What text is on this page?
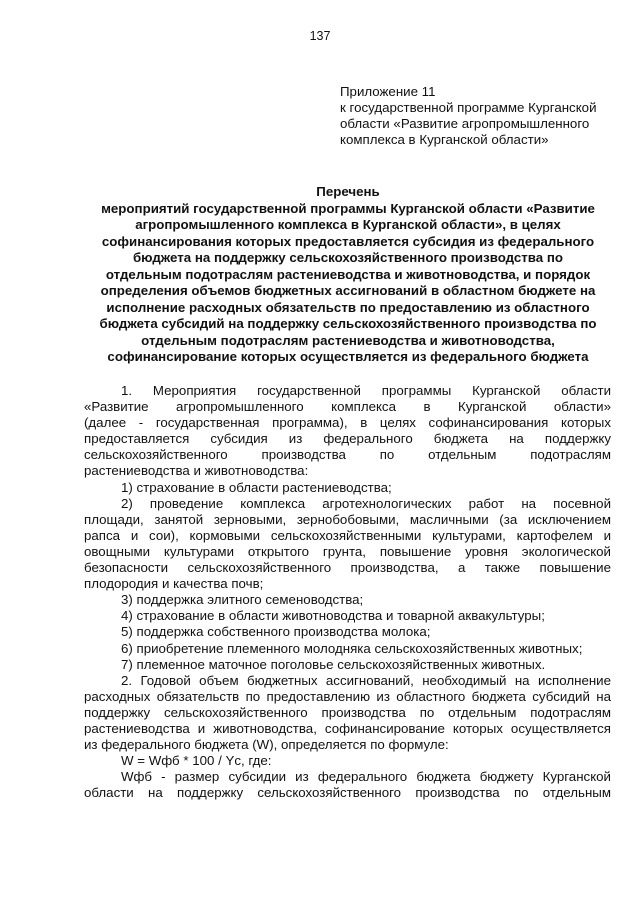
137
Приложение 11
к государственной программе Курганской
области «Развитие агропромышленного
комплекса в Курганской области»
Перечень
мероприятий государственной программы Курганской области «Развитие
агропромышленного комплекса в Курганской области», в целях
софинансирования которых предоставляется субсидия из федерального
бюджета на поддержку сельскохозяйственного производства по
отдельным подотраслям растениеводства и животноводства, и порядок
определения объемов бюджетных ассигнований в областном бюджете на
исполнение расходных обязательств по предоставлению из областного
бюджета субсидий на поддержку сельскохозяйственного производства по
отдельным подотраслям растениеводства и животноводства,
софинансирование которых осуществляется из федерального бюджета
1. Мероприятия государственной программы Курганской области
«Развитие агропромышленного комплекса в Курганской области»
(далее - государственная программа), в целях софинансирования которых
предоставляется субсидия из федерального бюджета на поддержку
сельскохозяйственного производства по отдельным подотраслям
растениеводства и животноводства:
1) страхование в области растениеводства;
2) проведение комплекса агротехнологических работ на посевной
площади, занятой зерновыми, зернобобовыми, масличными (за исключением
рапса и сои), кормовыми сельскохозяйственными культурами, картофелем и
овощными культурами открытого грунта, повышение уровня экологической
безопасности сельскохозяйственного производства, а также повышение
плодородия и качества почв;
3) поддержка элитного семеноводства;
4) страхование в области животноводства и товарной аквакультуры;
5) поддержка собственного производства молока;
6) приобретение племенного молодняка сельскохозяйственных животных;
7) племенное маточное поголовье сельскохозяйственных животных.
2. Годовой объем бюджетных ассигнований, необходимый на исполнение
расходных обязательств по предоставлению из областного бюджета субсидий на
поддержку сельскохозяйственного производства по отдельным подотраслям
растениеводства и животноводства, софинансирование которых осуществляется
из федерального бюджета (W), определяется по формуле:
W = Wфб * 100 / Yс, где:
Wфб - размер субсидии из федерального бюджета бюджету Курганской
области на поддержку сельскохозяйственного производства по отдельным
